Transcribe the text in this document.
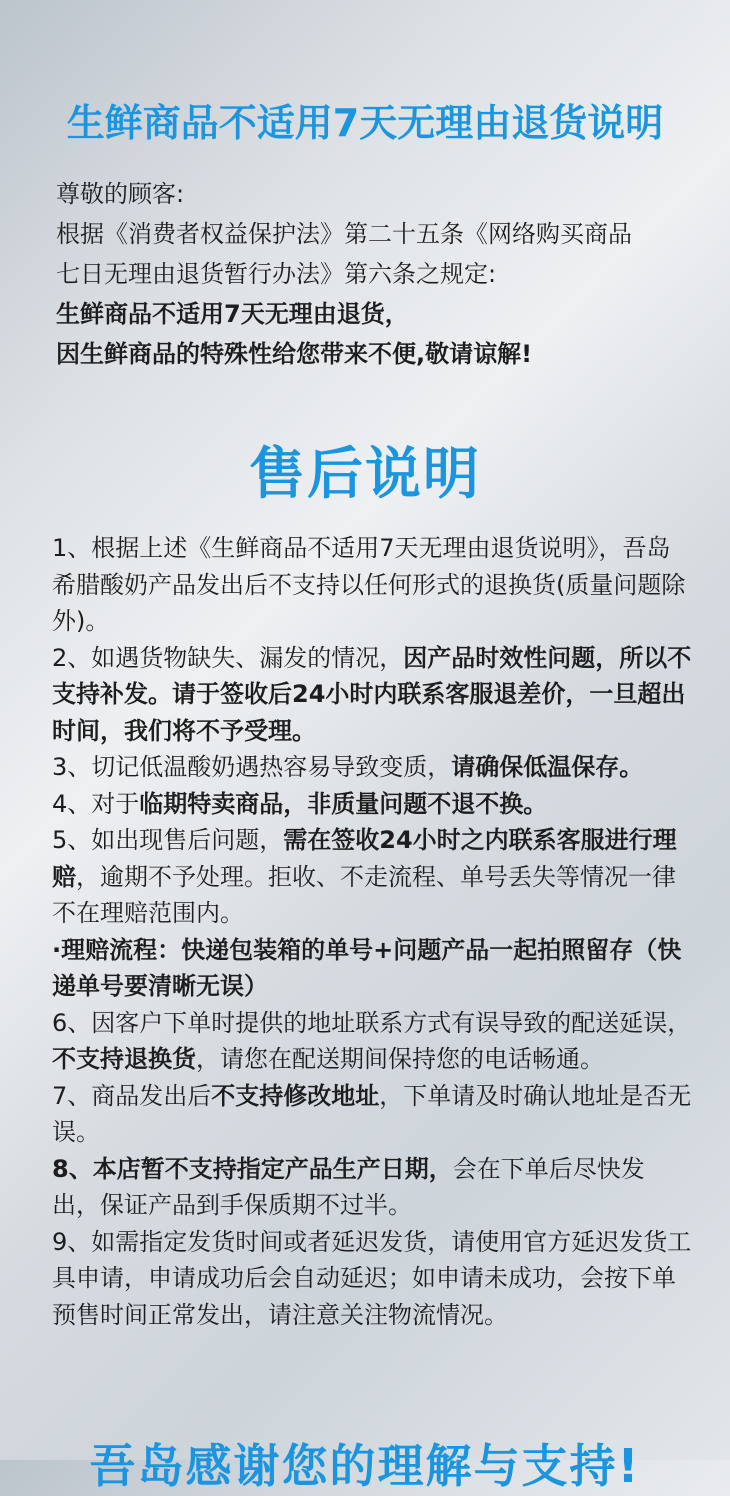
生鲜商品不适用7天无理由退货说明
尊敬的顾客:
根据《消费者权益保护法》第二十五条《网络购买商品
七日无理由退货暂行办法》第六条之规定:
生鲜商品不适用7天无理由退货，
因生鲜商品的特殊性给您带来不便,敬请谅解!
售后说明
1、根据上述《生鲜商品不适用7天无理由退货说明》，吾岛希腊酸奶产品发出后不支持以任何形式的退换货(质量问题除外)。
2、如遇货物缺失、漏发的情况，因产品时效性问题，所以不支持补发。请于签收后24小时内联系客服退差价，一旦超出时间，我们将不予受理。
3、切记低温酸奶遇热容易导致变质，请确保低温保存。
4、对于临期特卖商品，非质量问题不退不换。
5、如出现售后问题，需在签收24小时之内联系客服进行理赔，逾期不予处理。拒收、不走流程、单号丢失等情况一律不在理赔范围内。
·理赔流程：快递包装箱的单号+问题产品一起拍照留存（快递单号要清晰无误）
6、因客户下单时提供的地址联系方式有误导致的配送延误，不支持退换货，请您在配送期间保持您的电话畅通。
7、商品发出后不支持修改地址，下单请及时确认地址是否无误。
8、本店暂不支持指定产品生产日期，会在下单后尽快发出，保证产品到手保质期不过半。
9、如需指定发货时间或者延迟发货，请使用官方延迟发货工具申请，申请成功后会自动延迟；如申请未成功，会按下单预售时间正常发出，请注意关注物流情况。
吾岛感谢您的理解与支持!
